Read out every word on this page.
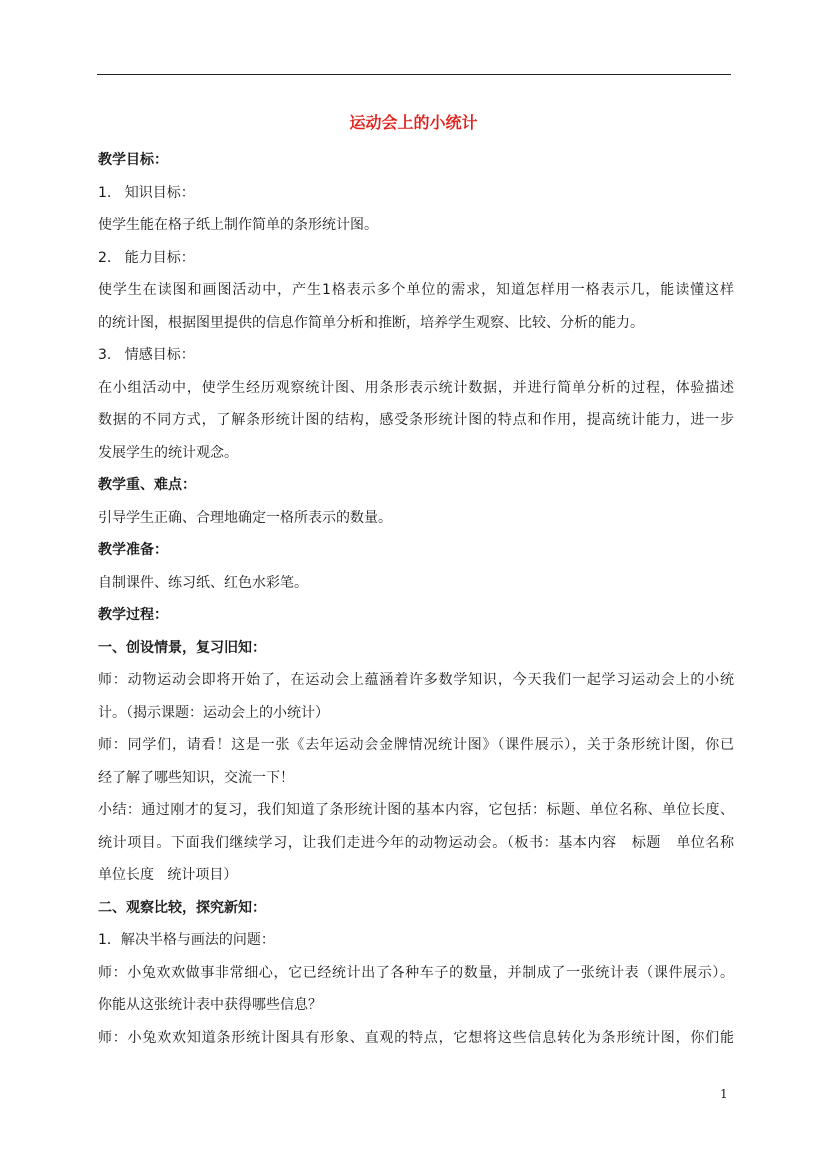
运动会上的小统计
教学目标：
1.   知识目标：
使学生能在格子纸上制作简单的条形统计图。
2.   能力目标：
使学生在读图和画图活动中，产生1格表示多个单位的需求，知道怎样用一格表示几，能读懂这样
的统计图，根据图里提供的信息作简单分析和推断，培养学生观察、比较、分析的能力。
3.   情感目标：
在小组活动中，使学生经历观察统计图、用条形表示统计数据，并进行简单分析的过程，体验描述
数据的不同方式，了解条形统计图的结构，感受条形统计图的特点和作用，提高统计能力，进一步
发展学生的统计观念。
教学重、难点：
引导学生正确、合理地确定一格所表示的数量。
教学准备：
自制课件、练习纸、红色水彩笔。
教学过程：
一、创设情景，复习旧知：
师：动物运动会即将开始了，在运动会上蕴涵着许多数学知识，今天我们一起学习运动会上的小统
计。（揭示课题：运动会上的小统计）
师：同学们，请看！这是一张《去年运动会金牌情况统计图》（课件展示），关于条形统计图，你已
经了解了哪些知识，交流一下！
小结：通过刚才的复习，我们知道了条形统计图的基本内容，它包括：标题、单位名称、单位长度、
统计项目。下面我们继续学习，让我们走进今年的动物运动会。（板书：基本内容   标题   单位名称
单位长度   统计项目）
二、观察比较，探究新知：
1．解决半格与画法的问题：
师：小兔欢欢做事非常细心，它已经统计出了各种车子的数量，并制成了一张统计表（课件展示）。
你能从这张统计表中获得哪些信息？
师：小兔欢欢知道条形统计图具有形象、直观的特点，它想将这些信息转化为条形统计图，你们能
1
